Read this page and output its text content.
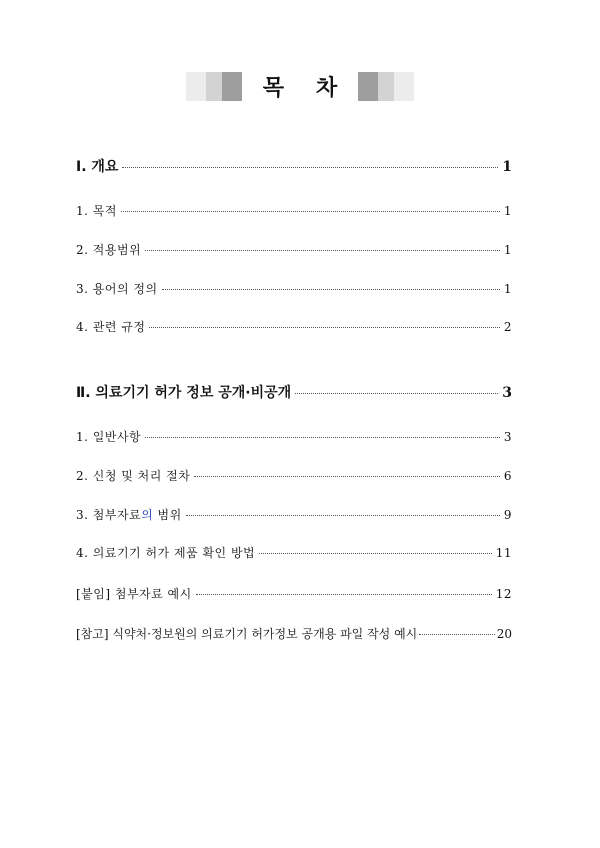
목 차
Ⅰ. 개요	1
1. 목적	1
2. 적용범위	1
3. 용어의 정의	1
4. 관련 규정	2
Ⅱ. 의료기기 허가 정보 공개·비공개	3
1. 일반사항	3
2. 신청 및 처리 절차	6
3. 첨부자료의 범위	9
4. 의료기기 허가 제품 확인 방법	11
[붙임] 첨부자료 예시	12
[참고] 식약처·정보원의 의료기기 허가정보 공개용 파일 작성 예시	20
